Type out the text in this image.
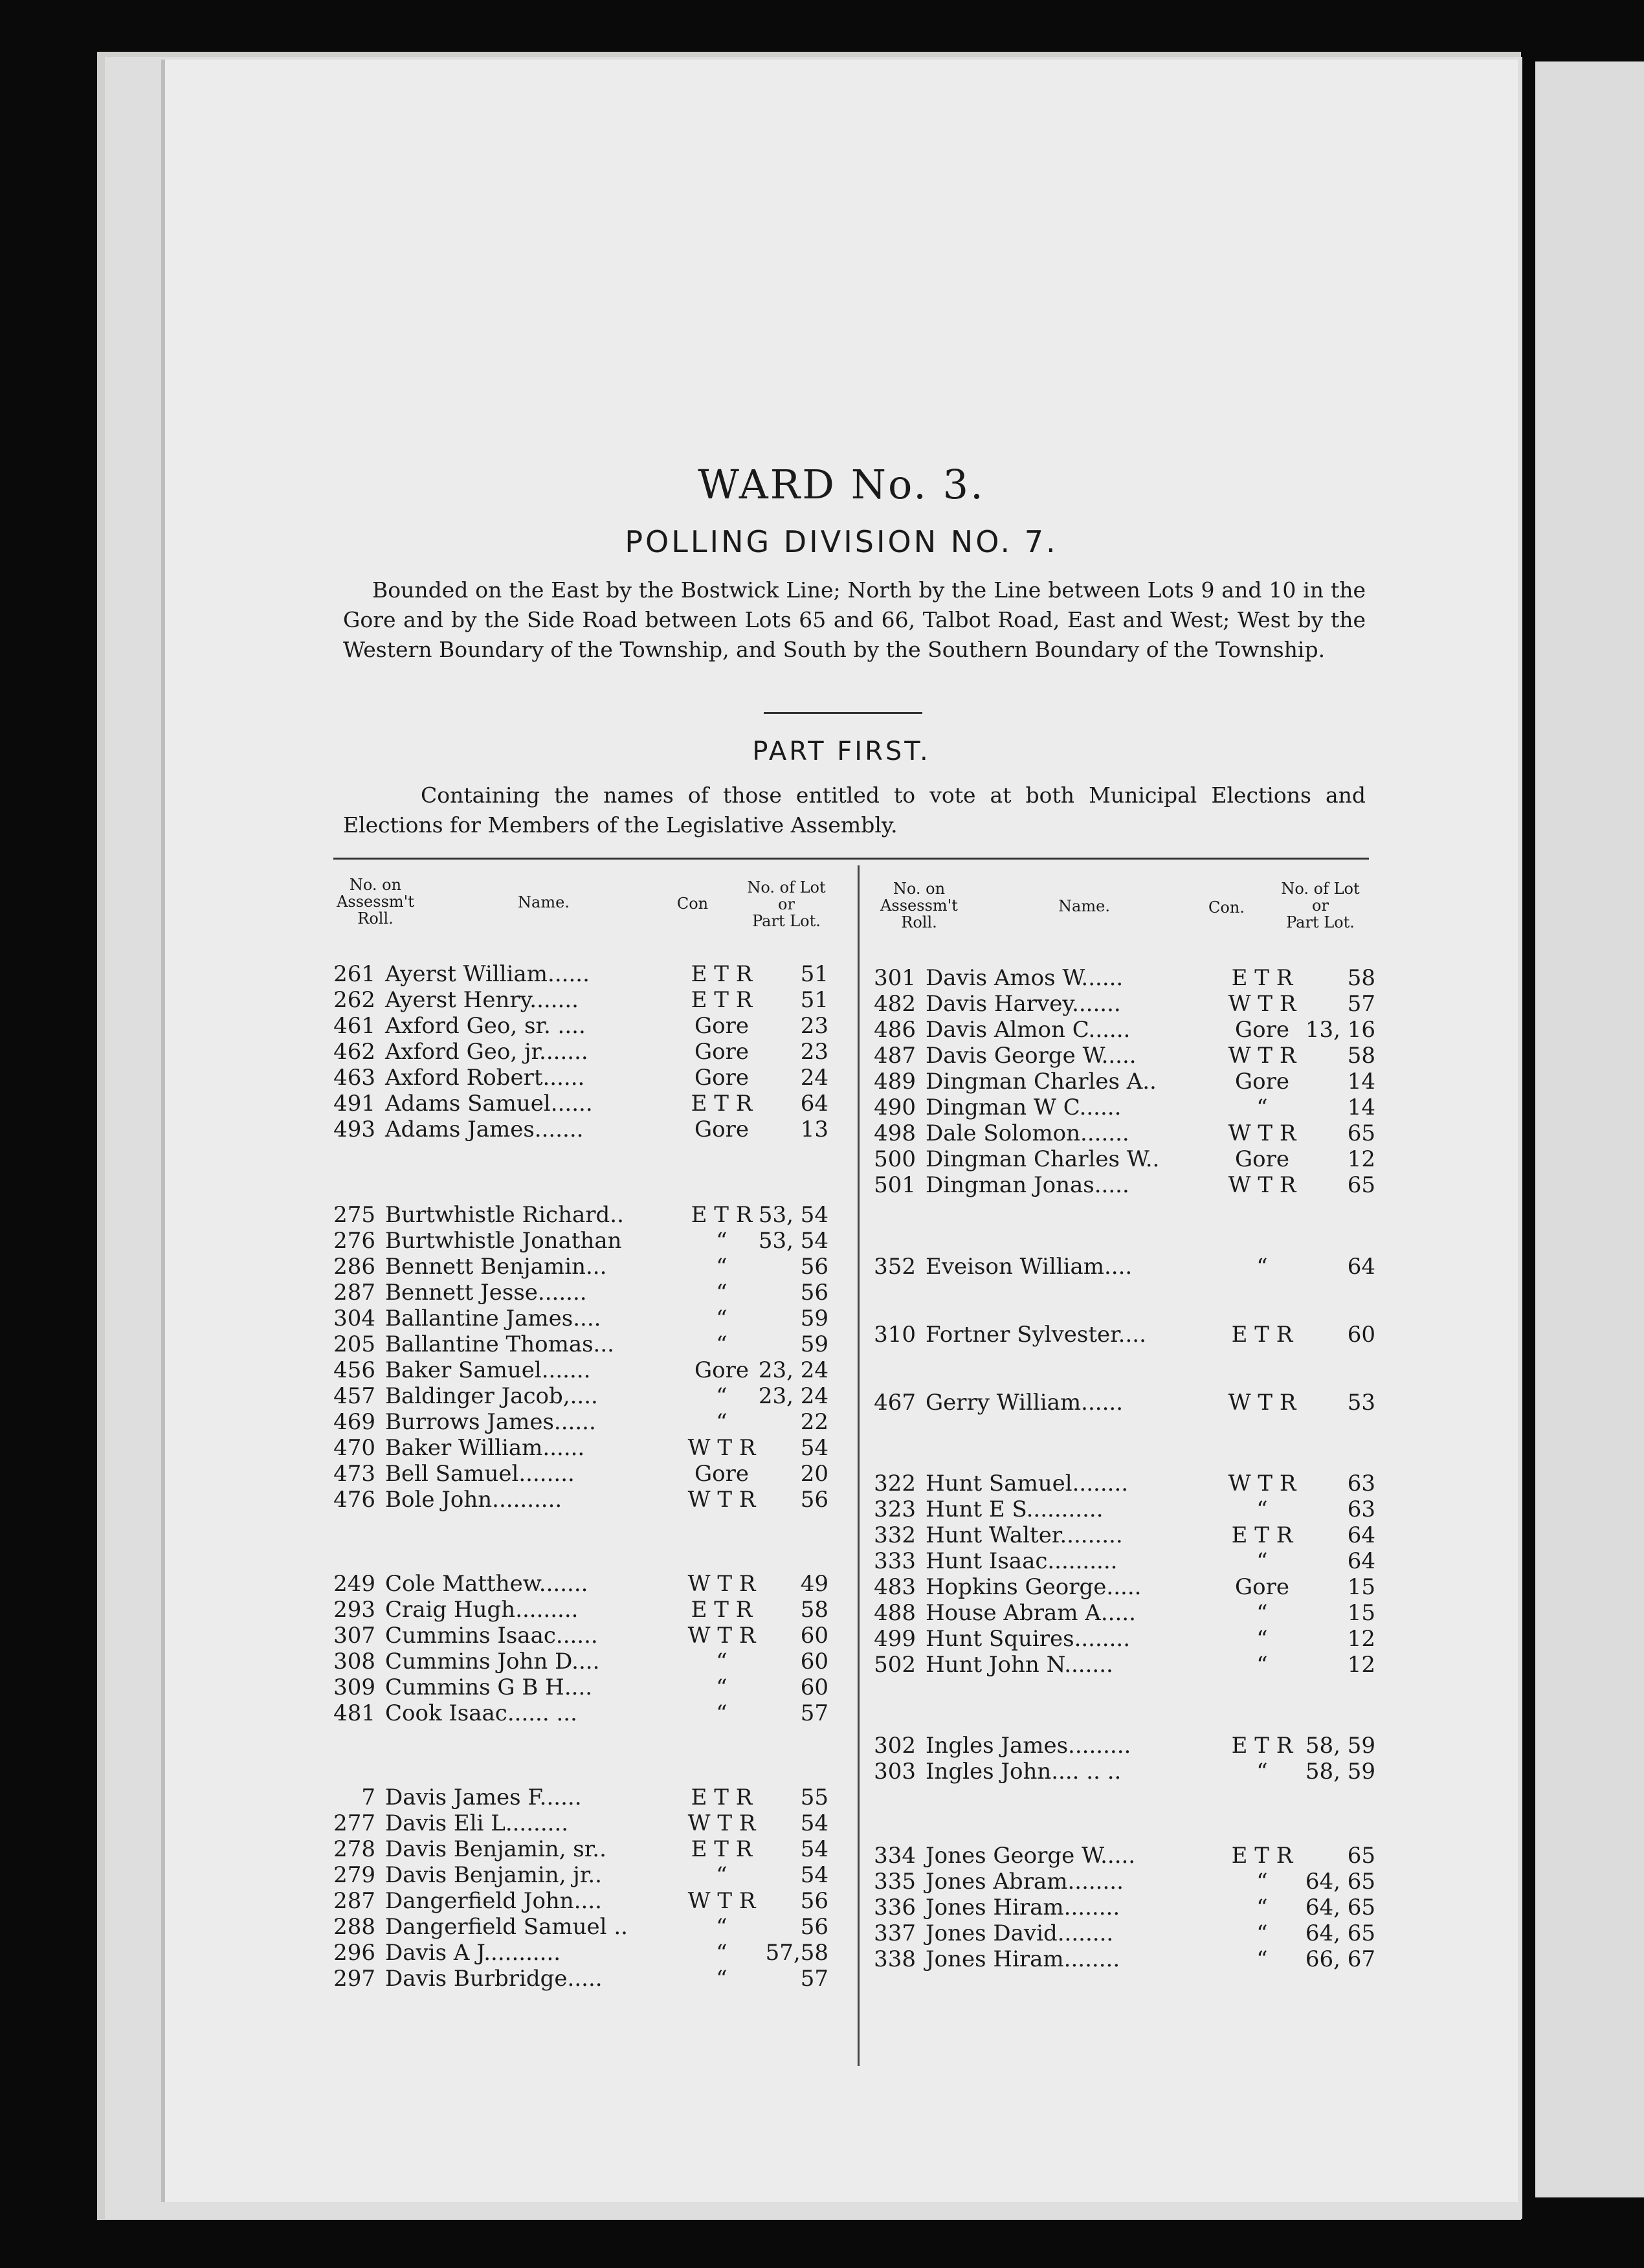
WARD No. 3.
POLLING DIVISION NO. 7.
Bounded on the East by the Bostwick Line; North by the Line between Lots 9 and 10 in the Gore and by the Side Road between Lots 65 and 66, Talbot Road, East and West; West by the Western Boundary of the Township, and South by the Southern Boundary of the Township.
PART FIRST.
Containing the names of those entitled to vote at both Municipal Elections and Elections for Members of the Legislative Assembly.
No. on
Assessm't
Roll.
Name.	Con
No. of Lot
or
Part Lot.
No. on
Assessm't
Roll.
Name.	Con.
No. of Lot
or
Part Lot.
261 Ayerst William......	E T R	51
262 Ayerst Henry.......	E T R	51
461 Axford Geo, sr. ....	Gore	23
462 Axford Geo, jr.......	Gore	23
463 Axford Robert......	Gore	24
491 Adams Samuel......	E T R	64
493 Adams James.......	Gore	13
275 Burtwhistle Richard..	E T R 53, 54
276 Burtwhistle Jonathan	“	53, 54
286 Bennett Benjamin...	“	56
287 Bennett Jesse.......	“	56
304 Ballantine James....	“	59
205 Ballantine Thomas...	“	59
456 Baker Samuel.......	Gore 23, 24
457 Baldinger Jacob,....	“	23, 24
469 Burrows James......	“	22
470 Baker William......	W T R	54
473 Bell Samuel........	Gore	20
476 Bole John..........	W T R	56
249 Cole Matthew.......	W T R	49
293 Craig Hugh.........	E T R	58
307 Cummins Isaac......	W T R	60
308 Cummins John D....	“	60
309 Cummins G B H....	“	60
481 Cook Isaac...... ...	“	57
7 Davis James F......	E T R	55
277 Davis Eli L.........	W T R	54
278 Davis Benjamin, sr..	E T R	54
279 Davis Benjamin, jr..	“	54
287 Dangerfield John....	W T R	56
288 Dangerfield Samuel ..	“	56
296 Davis A J...........	“	57,58
297 Davis Burbridge.....	“	57
301 Davis Amos W......	E T R	58
482 Davis Harvey.......	W T R	57
486 Davis Almon C......	Gore 13, 16
487 Davis George W.....	W T R	58
489 Dingman Charles A..	Gore	14
490 Dingman W C......	“	14
498 Dale Solomon.......	W T R	65
500 Dingman Charles W..	Gore	12
501 Dingman Jonas.....	W T R	65
352 Eveison William....	“	64
310 Fortner Sylvester....	E T R	60
467 Gerry William......	W T R	53
322 Hunt Samuel........	W T R	63
323 Hunt E S...........	“	63
332 Hunt Walter.........	E T R	64
333 Hunt Isaac..........	“	64
483 Hopkins George.....	Gore	15
488 House Abram A.....	“	15
499 Hunt Squires........	“	12
502 Hunt John N.......	“	12
302 Ingles James.........	E T R 58, 59
303 Ingles John.... .. ..	“	58, 59
334 Jones George W.....	E T R	65
335 Jones Abram........	“	64, 65
336 Jones Hiram........	“	64, 65
337 Jones David........	“	64, 65
338 Jones Hiram........	“	66, 67
